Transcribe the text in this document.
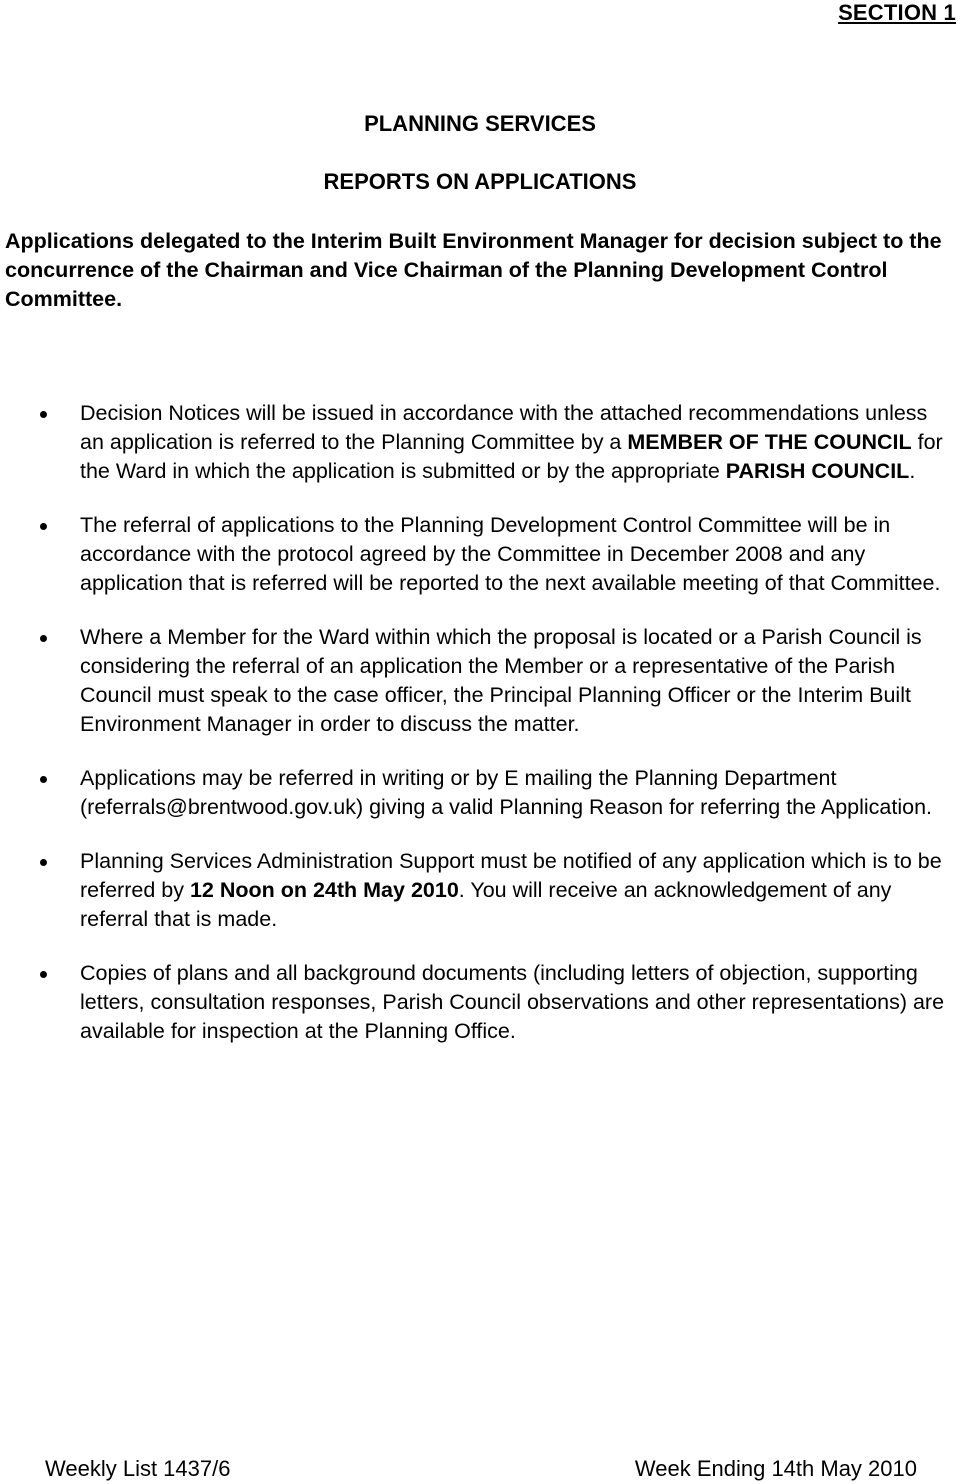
SECTION 1
PLANNING SERVICES
REPORTS ON APPLICATIONS
Applications delegated to the Interim Built Environment Manager for decision subject to the concurrence of the Chairman and Vice Chairman of the Planning Development Control Committee.
Decision Notices will be issued in accordance with the attached recommendations unless an application is referred to the Planning Committee by a MEMBER OF THE COUNCIL for the Ward in which the application is submitted or by the appropriate PARISH COUNCIL.
The referral of applications to the Planning Development Control Committee will be in accordance with the protocol agreed by the Committee in December 2008 and any application that is referred will be reported to the next available meeting of that Committee.
Where a Member for the Ward within which the proposal is located or a Parish Council is considering the referral of an application the Member or a representative of the Parish Council must speak to the case officer, the Principal Planning Officer or the Interim Built Environment Manager in order to discuss the matter.
Applications may be referred in writing or by E mailing the Planning Department (referrals@brentwood.gov.uk) giving a valid Planning Reason for referring the Application.
Planning Services Administration Support must be notified of any application which is to be referred by 12 Noon on 24th May 2010. You will receive an acknowledgement of any referral that is made.
Copies of plans and all background documents (including letters of objection, supporting letters, consultation responses, Parish Council observations and other representations) are available for inspection at the Planning Office.
Weekly List 1437/6	Week Ending 14th May 2010
